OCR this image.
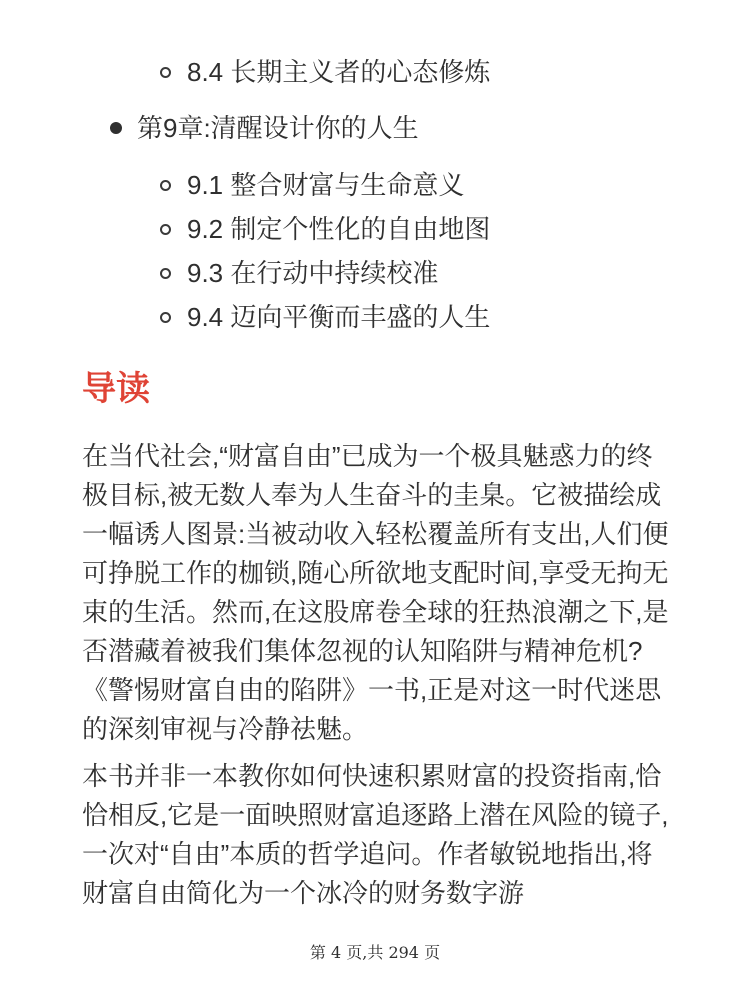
8.4 长期主义者的心态修炼
第9章:清醒设计你的人生
9.1 整合财富与生命意义
9.2 制定个性化的自由地图
9.3 在行动中持续校准
9.4 迈向平衡而丰盛的人生
导读

在当代社会,“财富自由”已成为一个极具魅惑力的终极目标,被无数人奉为人生奋斗的圭臬。它被描绘成一幅诱人图景:当被动收入轻松覆盖所有支出,人们便可挣脱工作的枷锁,随心所欲地支配时间,享受无拘无束的生活。然而,在这股席卷全球的狂热浪潮之下,是否潜藏着被我们集体忽视的认知陷阱与精神危机?《警惕财富自由的陷阱》一书,正是对这一时代迷思的深刻审视与冷静祛魅。

本书并非一本教你如何快速积累财富的投资指南,恰恰相反,它是一面映照财富追逐路上潜在风险的镜子,一次对“自由”本质的哲学追问。作者敏锐地指出,将财富自由简化为一个冰冷的财务数字游

第 4 页,共 294 页
